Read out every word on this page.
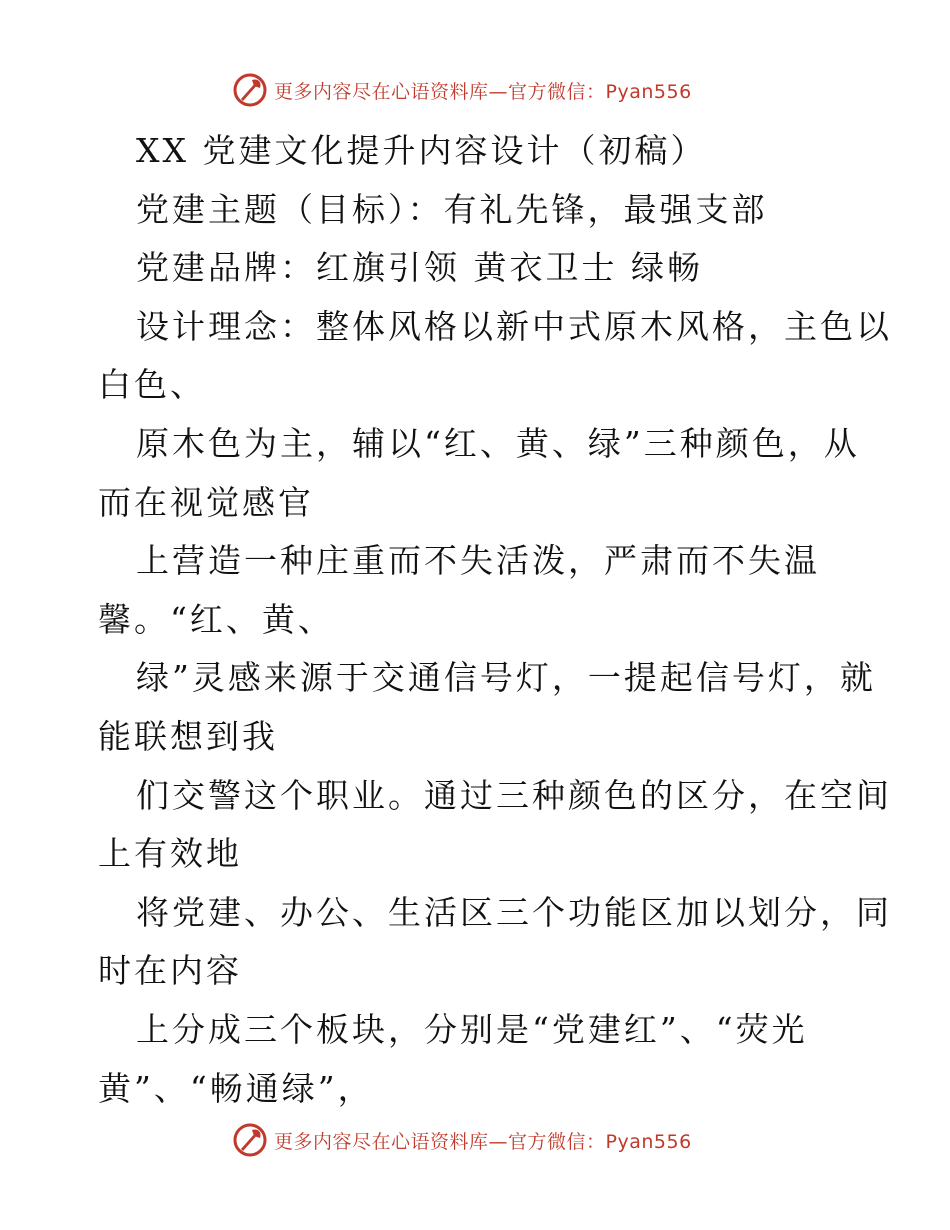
更多内容尽在心语资料库—官方微信：Pyan556
XX 党建文化提升内容设计（初稿）
党建主题（目标）：有礼先锋，最强支部
党建品牌：红旗引领 黄衣卫士 绿畅
设计理念：整体风格以新中式原木风格，主色以
白色、
原木色为主，辅以“红、黄、绿”三种颜色，从
而在视觉感官
上营造一种庄重而不失活泼，严肃而不失温
馨。“红、黄、
绿”灵感来源于交通信号灯，一提起信号灯，就
能联想到我
们交警这个职业。通过三种颜色的区分，在空间
上有效地
将党建、办公、生活区三个功能区加以划分，同
时在内容
上分成三个板块，分别是“党建红”、“荧光
黄”、“畅通绿”，
更多内容尽在心语资料库—官方微信：Pyan556
